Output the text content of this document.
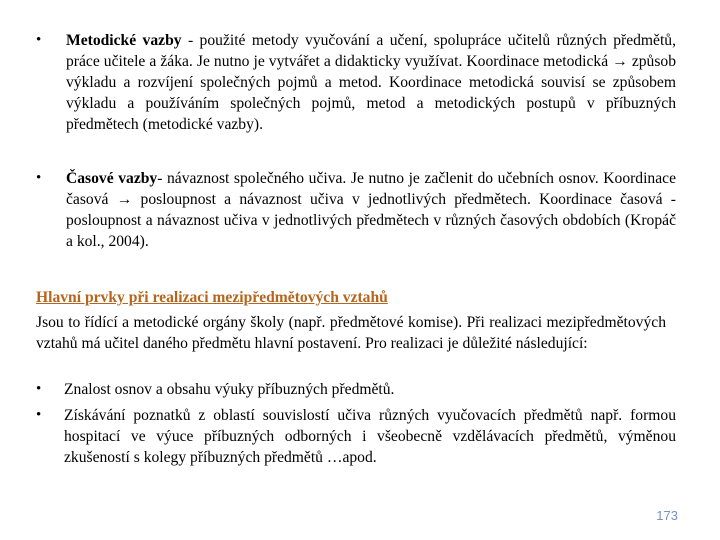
• Metodické vazby - použité metody vyučování a učení, spolupráce učitelů různých předmětů, práce učitele a žáka. Je nutno je vytvářet a didakticky využívat. Koordinace metodická → způsob výkladu a rozvíjení společných pojmů a metod. Koordinace metodická souvisí se způsobem výkladu a používáním společných pojmů, metod a metodických postupů v příbuzných předmětech (metodické vazby).
• Časové vazby- návaznost společného učiva. Je nutno je začlenit do učebních osnov. Koordinace časová → posloupnost a návaznost učiva v jednotlivých předmětech. Koordinace časová - posloupnost a návaznost učiva v jednotlivých předmětech v různých časových obdobích (Kropáč a kol., 2004).
Hlavní prvky při realizaci mezipředmětových vztahů
Jsou to řídící a metodické orgány školy (např. předmětové komise). Při realizaci mezipředmětových vztahů má učitel daného předmětu hlavní postavení. Pro realizaci je důležité následující:
• Znalost osnov a obsahu výuky příbuzných předmětů.
• Získávání poznatků z oblastí souvislostí učiva různých vyučovacích předmětů např. formou hospitací ve výuce příbuzných odborných i všeobecně vzdělávacích předmětů, výměnou zkušeností s kolegy příbuzných předmětů …apod.
173
